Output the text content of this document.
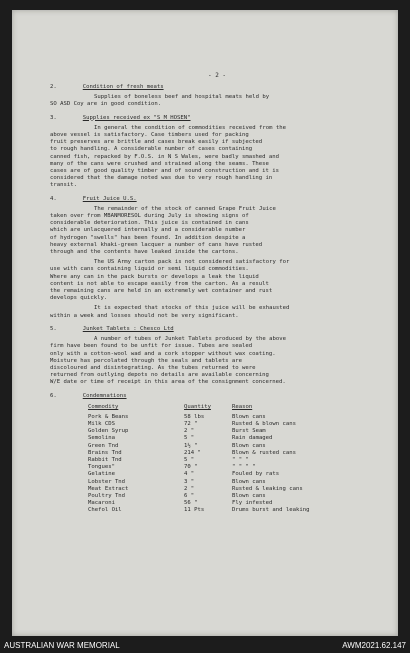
- 2 -
2.	Condition of fresh meats

Supplies of boneless beef and hospital meats held by
SO ASD Coy are in good condition.

3.	Supplies received ex "S M HOSEN"

In general the condition of commodities received from the
above vessel is satisfactory. Case timbers used for packing
fruit preserves are brittle and cases break easily if subjected
to rough handling. A considerable number of cases containing
canned fish, repacked by F.O.S. in N S Wales, were badly smashed and
many of the cans were crushed and strained along the seams. These
cases are of good quality timber and of sound construction and it is
considered that the damage noted was due to very rough handling in
transit.

4.	Fruit Juice U.S.

The remainder of the stock of canned Grape Fruit Juice
taken over from MBANMORESOL during July is showing signs of
considerable deterioration. This juice is contained in cans
which are unlacquered internally and a considerable number
of hydrogen "swells" has been found. In addition despite a
heavy external khaki-green lacquer a number of cans have rusted
through and the contents have leaked inside the cartons.

The US Army carton pack is not considered satisfactory for
use with cans containing liquid or semi liquid commodities.
Where any can in the pack bursts or develops a leak the liquid
content is not able to escape easily from the carton. As a result
the remaining cans are held in an extremely wet container and rust
develops quickly.

It is expected that stocks of this juice will be exhausted
within a week and losses should not be very significant.

5.	Junket Tablets : Chesco Ltd

A number of tubes of Junket Tablets produced by the above
firm have been found to be unfit for issue. Tubes are sealed
only with a cotton-wool wad and a cork stopper without wax coating.
Moisture has percolated through the seals and tablets are
discoloured and disintegrating. As the tubes returned to were
returned from outlying depots no details are available concerning
W/E date or time of receipt in this area of the consignment concerned.

6.	Condemnations
Commodity	Quantity	Reason
Pork & Beans	58 lbs	Blown cans
Milk CDS	72 "	Rusted & blown cans
Golden Syrup	2 "	Burst Seam
Semolina	5 "	Rain damaged
Green Tnd	1½ "	Blown cans
Brains Tnd	214 "	Blown & rusted cans
Rabbit Tnd	5 "	" " "
Tongues"	70 "	" " " "
Gelatine	4 "	Fouled by rats
Lobster Tnd	3 "	Blown cans
Meat Extract	2 "	Rusted & leaking cans
Poultry Tnd	6 "	Blown cans
Macaroni	56 "	Fly infested
Chefol Oil	11 Pts	Drums burst and leaking
AUSTRALIAN WAR MEMORIAL	AWM2021.62.147
